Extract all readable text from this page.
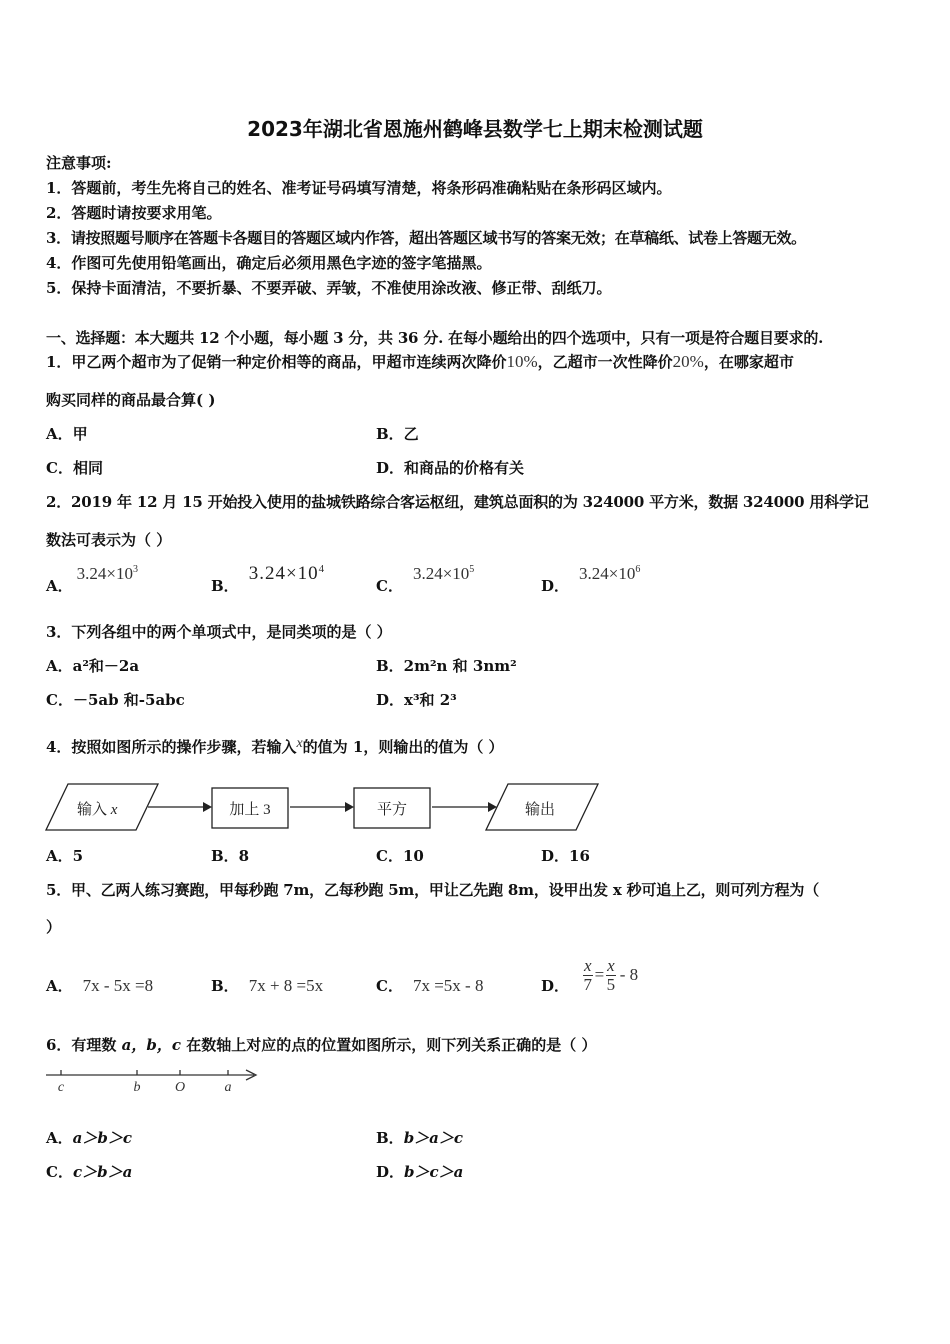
2023年湖北省恩施州鹤峰县数学七上期末检测试题
注意事项:
1．答题前，考生先将自己的姓名、准考证号码填写清楚，将条形码准确粘贴在条形码区域内。
2．答题时请按要求用笔。
3．请按照题号顺序在答题卡各题目的答题区域内作答，超出答题区域书写的答案无效；在草稿纸、试卷上答题无效。
4．作图可先使用铅笔画出，确定后必须用黑色字迹的签字笔描黑。
5．保持卡面清洁，不要折暴、不要弄破、弄皱，不准使用涂改液、修正带、刮纸刀。
一、选择题：本大题共 12 个小题，每小题 3 分，共 36 分. 在每小题给出的四个选项中，只有一项是符合题目要求的.
1．甲乙两个超市为了促销一种定价相等的商品，甲超市连续两次降价10%，乙超市一次性降价20%，在哪家超市
购买同样的商品最合算( )
A．甲	B．乙
C．相同	D．和商品的价格有关
2．2019 年 12 月 15 开始投入使用的盐城铁路综合客运枢纽，建筑总面积的为 324000 平方米，数据 324000 用科学记
数法可表示为（ ）
A．$3.24\times 10^3$
B．$3.24\times 10^4$
C．$3.24\times 10^5$
D．$3.24\times 10^6$
3．下列各组中的两个单项式中，是同类项的是（ ）
A．a²和－2a	B．2m²n 和 3nm²
C．－5ab 和-5abc	D．x³和 2³
4．按照如图所示的操作步骤，若输入x的值为 1，则输出的值为（ ）
输入 x	加上 3	平方	输出
A．5	B．8	C．10	D．16
5．甲、乙两人练习赛跑，甲每秒跑 7m，乙每秒跑 5m，甲让乙先跑 8m，设甲出发 x 秒可追上乙，则可列方程为（
）
A． 7x - 5x =8	B． 7x + 8 =5x	C． 7x =5x - 8	D． $\frac{x}{7} = \frac{x}{5} - 8$
6．有理数 a，b，c 在数轴上对应的点的位置如图所示，则下列关系正确的是（ ）
c	b O	a
A．a＞b＞c	B．b＞a＞c
C．c＞b＞a	D．b＞c＞a
